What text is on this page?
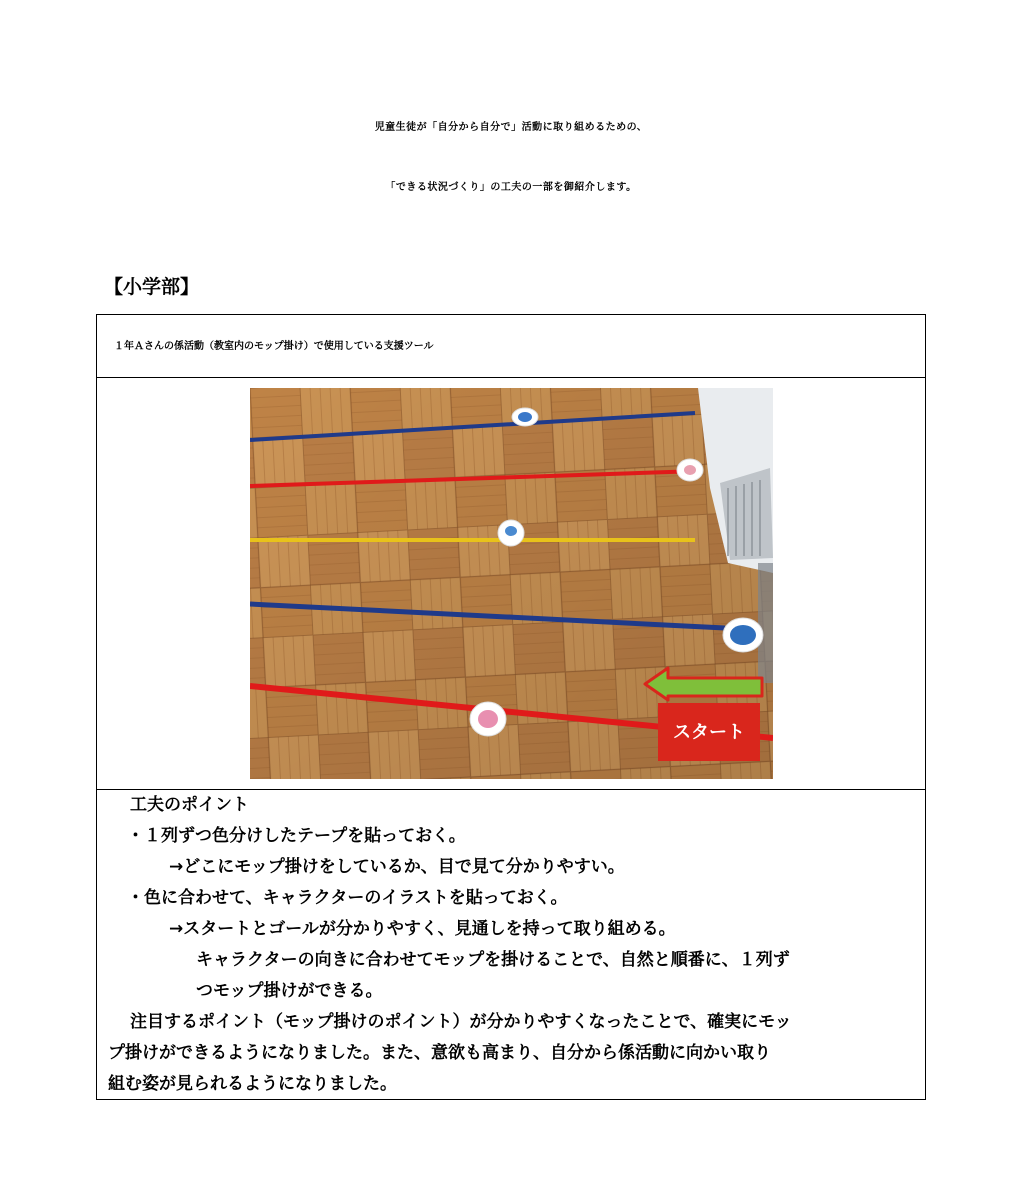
児童生徒が「自分から自分で」活動に取り組めるための、
「できる状況づくり」の工夫の一部を御紹介します。
【小学部】
１年Ａさんの係活動（教室内のモップ掛け）で使用している支援ツール
スタート
工夫のポイント
・１列ずつ色分けしたテープを貼っておく。
→どこにモップ掛けをしているか、目で見て分かりやすい。
・色に合わせて、キャラクターのイラストを貼っておく。
→スタートとゴールが分かりやすく、見通しを持って取り組める。
キャラクターの向きに合わせてモップを掛けることで、自然と順番に、１列ず
つモップ掛けができる。
注目するポイント（モップ掛けのポイント）が分かりやすくなったことで、確実にモッ
プ掛けができるようになりました。また、意欲も高まり、自分から係活動に向かい取り
組む姿が見られるようになりました。
